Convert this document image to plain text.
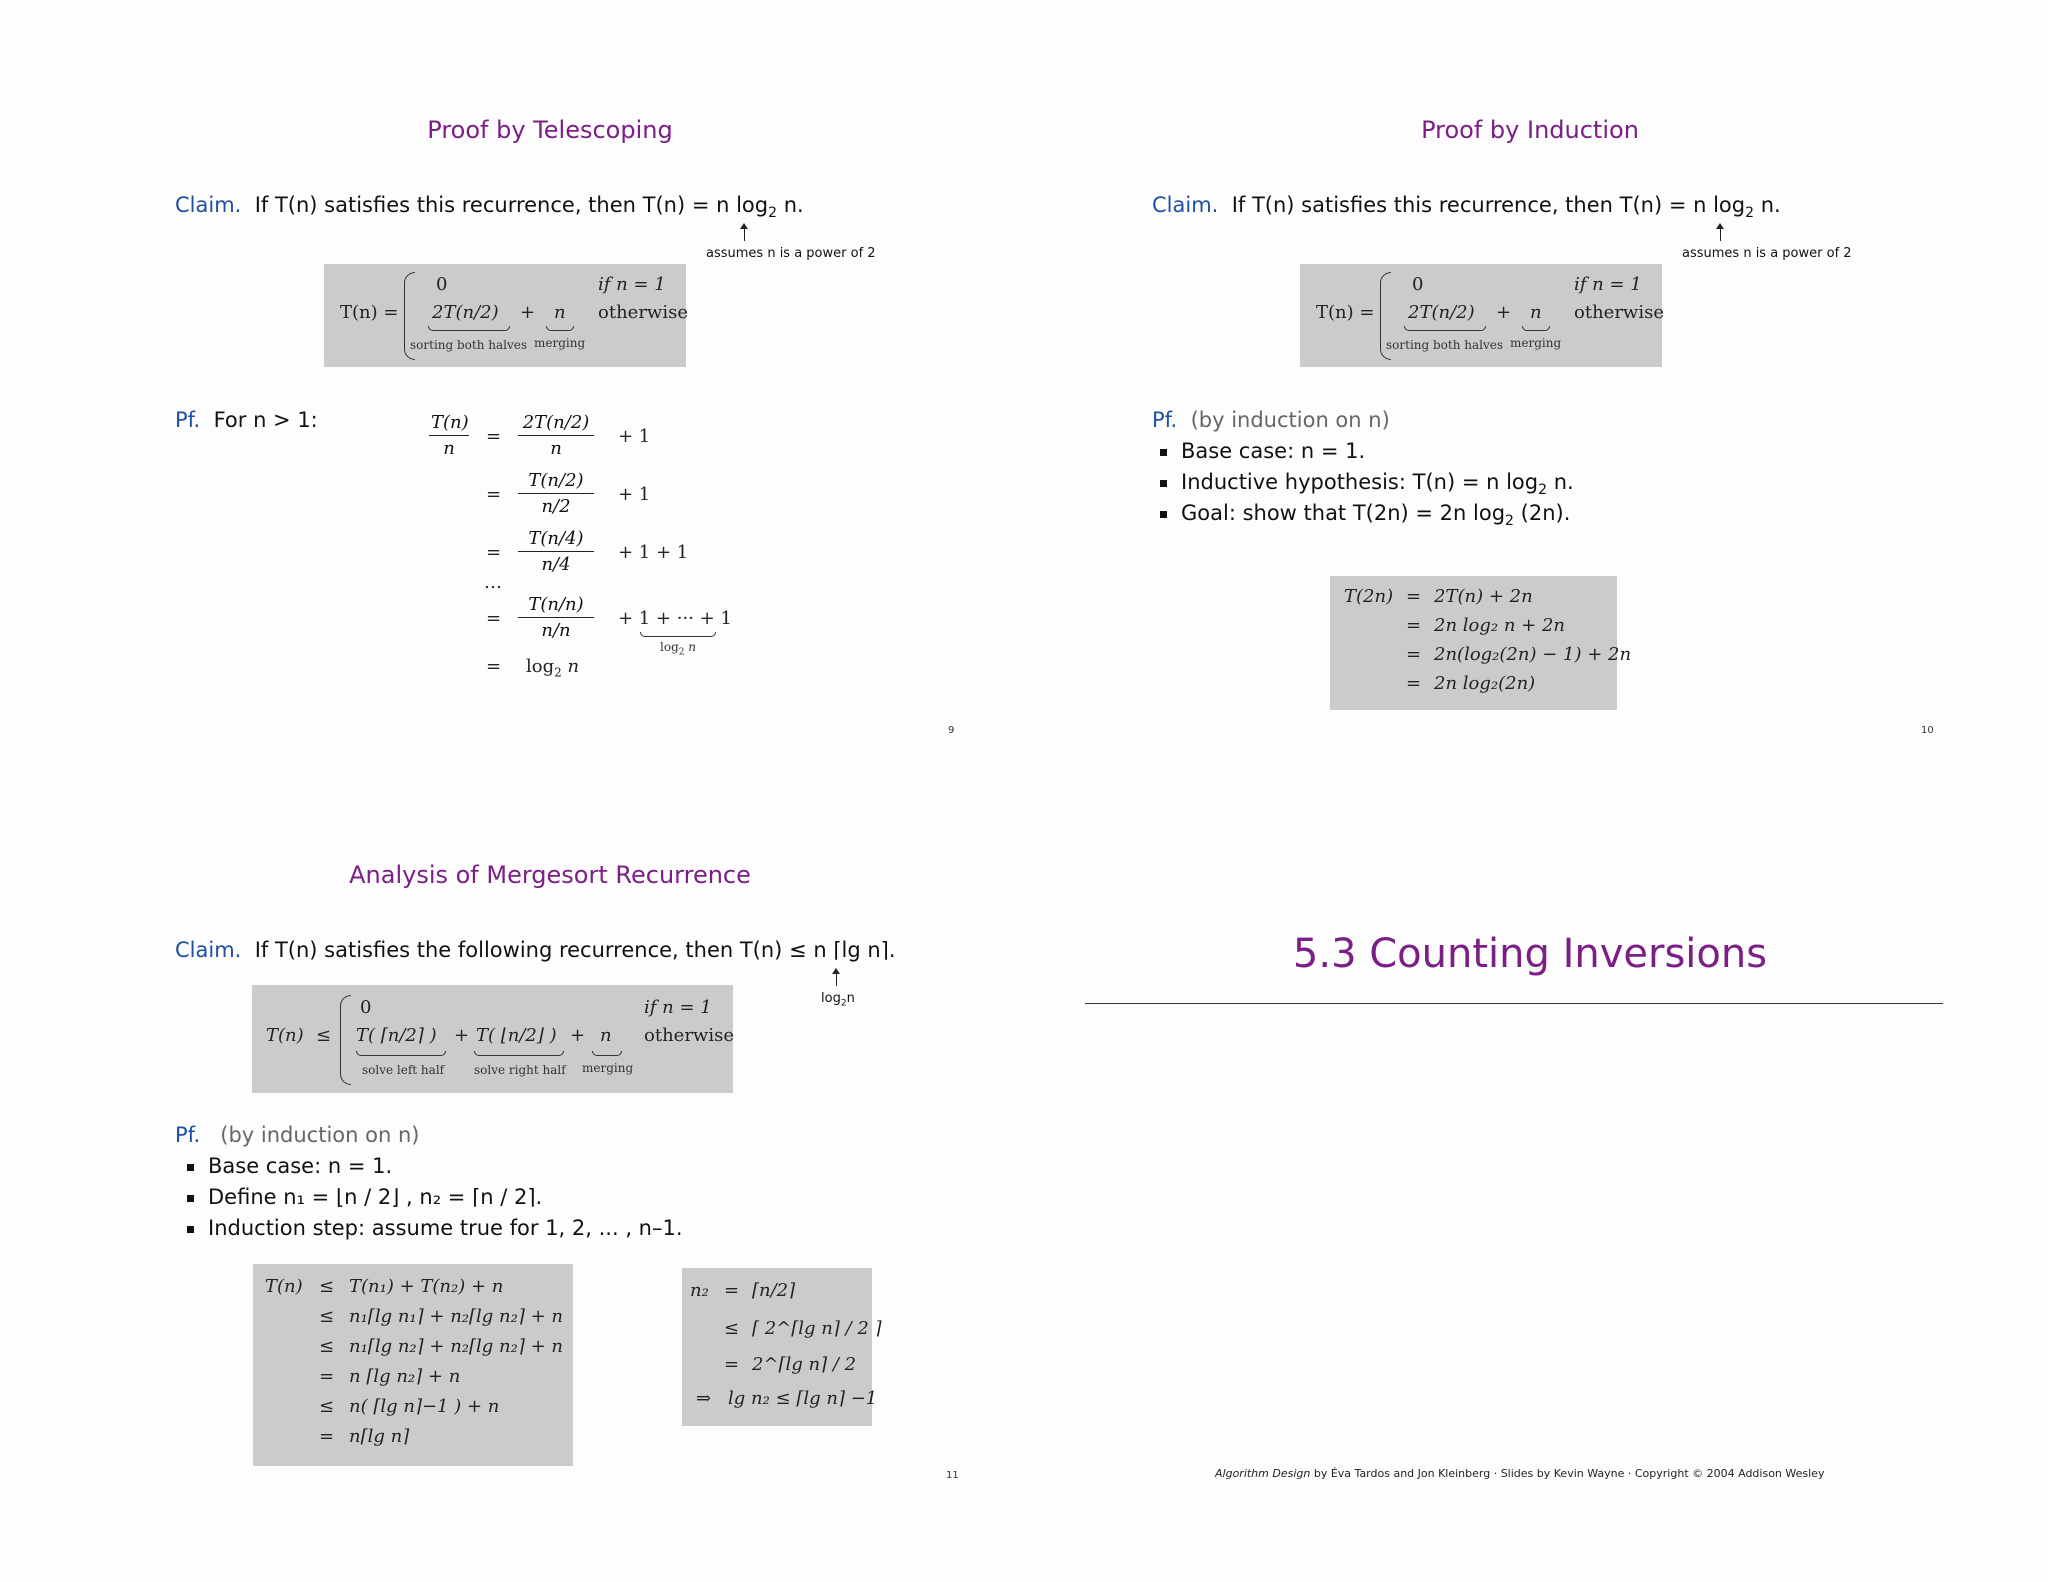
Proof by Telescoping
Claim. If T(n) satisfies this recurrence, then T(n) = n $\log_2 n$.
assumes n is a power of 2
T(n) =
0	if n = 1
2T(n/2) + n otherwise
sorting both halves merging
Pf. For n > 1:	$\frac{T(n)}{n} = \frac{2T(n/2)}{n} + 1$
= $\frac{T(n/2)}{n/2} + 1$
= $\frac{T(n/4)}{n/4} + 1 + 1$
…
= $\frac{T(n/n)}{n/n} + 1$ + ··· + 1
$\log_2 n$
= $\log_2 n$
9
Proof by Induction
Claim. If T(n) satisfies this recurrence, then T(n) = n $\log_2 n$.
assumes n is a power of 2
T(n) =
0	if n = 1
2T(n/2) + n otherwise
sorting both halves merging
Pf. (by induction on n)
Base case: n = 1.
Inductive hypothesis: T(n) = n $\log_2 n$.
Goal: show that T(2n) = 2n $\log_2 (2n)$.
T(2n) = 2T(n) + 2n
= 2n log₂ n + 2n
= 2n(log₂(2n) − 1) + 2n
= 2n log₂(2n)
10
Analysis of Mergesort Recurrence
Claim. If T(n) satisfies the following recurrence, then T(n) ≤ n ⌈lg n⌉.
$\log_2n$
T(n) ≤
0	if n = 1
T( ⌈n/2⌉ ) + T( ⌊n/2⌋ ) + n otherwise
solve left half solve right half merging
Pf. (by induction on n)
Base case: n = 1.
Define n₁ = ⌊n / 2⌋ , n₂ = ⌈n / 2⌉.
Induction step: assume true for 1, 2, ... , n–1.
T(n) ≤ T(n₁) + T(n₂) + n
≤ n₁⌈lg n₁⌉ + n₂⌈lg n₂⌉ + n
≤ n₁⌈lg n₂⌉ + n₂⌈lg n₂⌉ + n
= n ⌈lg n₂⌉ + n
≤ n( ⌈lg n⌉−1 ) + n
= n⌈lg n⌉
n₂ = ⌈n/2⌉
≤ ⌈ 2^⌈lg n⌉ / 2 ⌉
= 2^⌈lg n⌉ / 2
⇒ lg n₂ ≤ ⌈lg n⌉ −1
11
5.3 Counting Inversions
Algorithm Design by Éva Tardos and Jon Kleinberg · Slides by Kevin Wayne · Copyright © 2004 Addison Wesley
